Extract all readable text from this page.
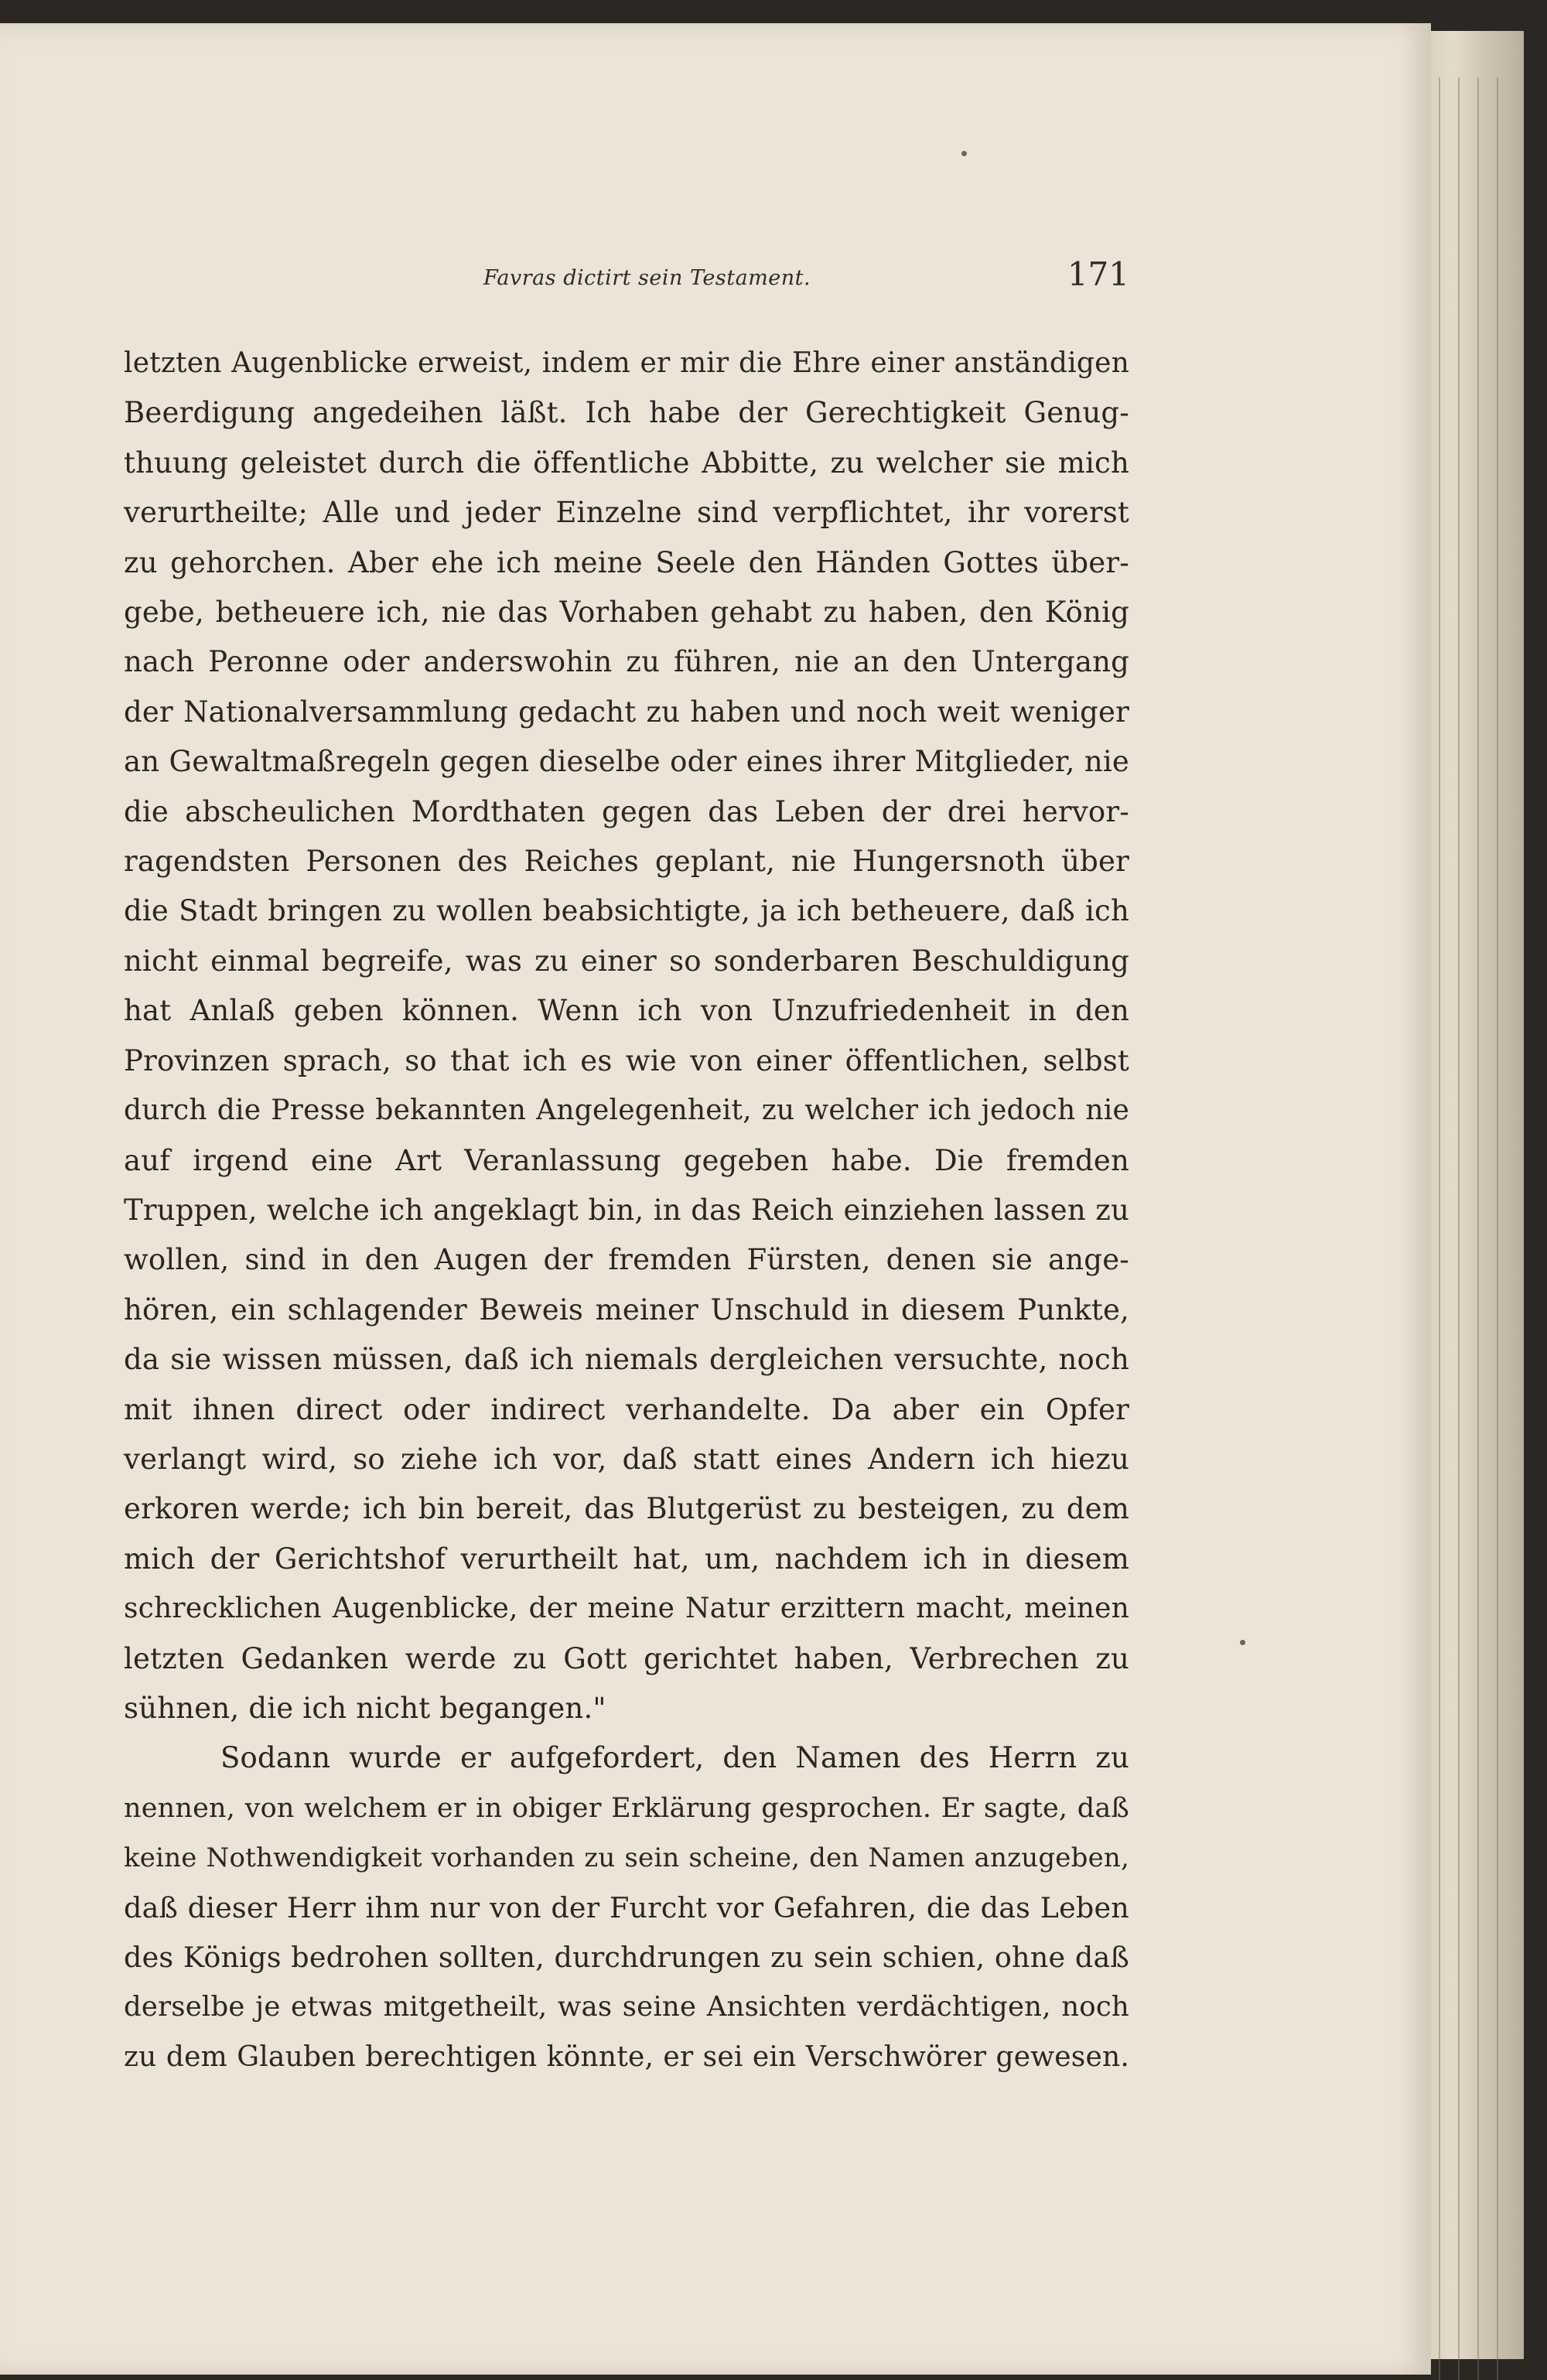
Favras dictirt sein Testament.	171
letzten Augenblicke erweist, indem er mir die Ehre einer anständigen
Beerdigung angedeihen läßt. Ich habe der Gerechtigkeit Genug-
thuung geleistet durch die öffentliche Abbitte, zu welcher sie mich
verurtheilte; Alle und jeder Einzelne sind verpflichtet, ihr vorerst
zu gehorchen. Aber ehe ich meine Seele den Händen Gottes über-
gebe, betheuere ich, nie das Vorhaben gehabt zu haben, den König
nach Peronne oder anderswohin zu führen, nie an den Untergang
der Nationalversammlung gedacht zu haben und noch weit weniger
an Gewaltmaßregeln gegen dieselbe oder eines ihrer Mitglieder, nie
die abscheulichen Mordthaten gegen das Leben der drei hervor-
ragendsten Personen des Reiches geplant, nie Hungersnoth über
die Stadt bringen zu wollen beabsichtigte, ja ich betheuere, daß ich
nicht einmal begreife, was zu einer so sonderbaren Beschuldigung
hat Anlaß geben können. Wenn ich von Unzufriedenheit in den
Provinzen sprach, so that ich es wie von einer öffentlichen, selbst
durch die Presse bekannten Angelegenheit, zu welcher ich jedoch nie
auf irgend eine Art Veranlassung gegeben habe. Die fremden
Truppen, welche ich angeklagt bin, in das Reich einziehen lassen zu
wollen, sind in den Augen der fremden Fürsten, denen sie ange-
hören, ein schlagender Beweis meiner Unschuld in diesem Punkte,
da sie wissen müssen, daß ich niemals dergleichen versuchte, noch
mit ihnen direct oder indirect verhandelte. Da aber ein Opfer
verlangt wird, so ziehe ich vor, daß statt eines Andern ich hiezu
erkoren werde; ich bin bereit, das Blutgerüst zu besteigen, zu dem
mich der Gerichtshof verurtheilt hat, um, nachdem ich in diesem
schrecklichen Augenblicke, der meine Natur erzittern macht, meinen
letzten Gedanken werde zu Gott gerichtet haben, Verbrechen zu
sühnen, die ich nicht begangen."
Sodann wurde er aufgefordert, den Namen des Herrn zu
nennen, von welchem er in obiger Erklärung gesprochen. Er sagte, daß
keine Nothwendigkeit vorhanden zu sein scheine, den Namen anzugeben,
daß dieser Herr ihm nur von der Furcht vor Gefahren, die das Leben
des Königs bedrohen sollten, durchdrungen zu sein schien, ohne daß
derselbe je etwas mitgetheilt, was seine Ansichten verdächtigen, noch
zu dem Glauben berechtigen könnte, er sei ein Verschwörer gewesen.
